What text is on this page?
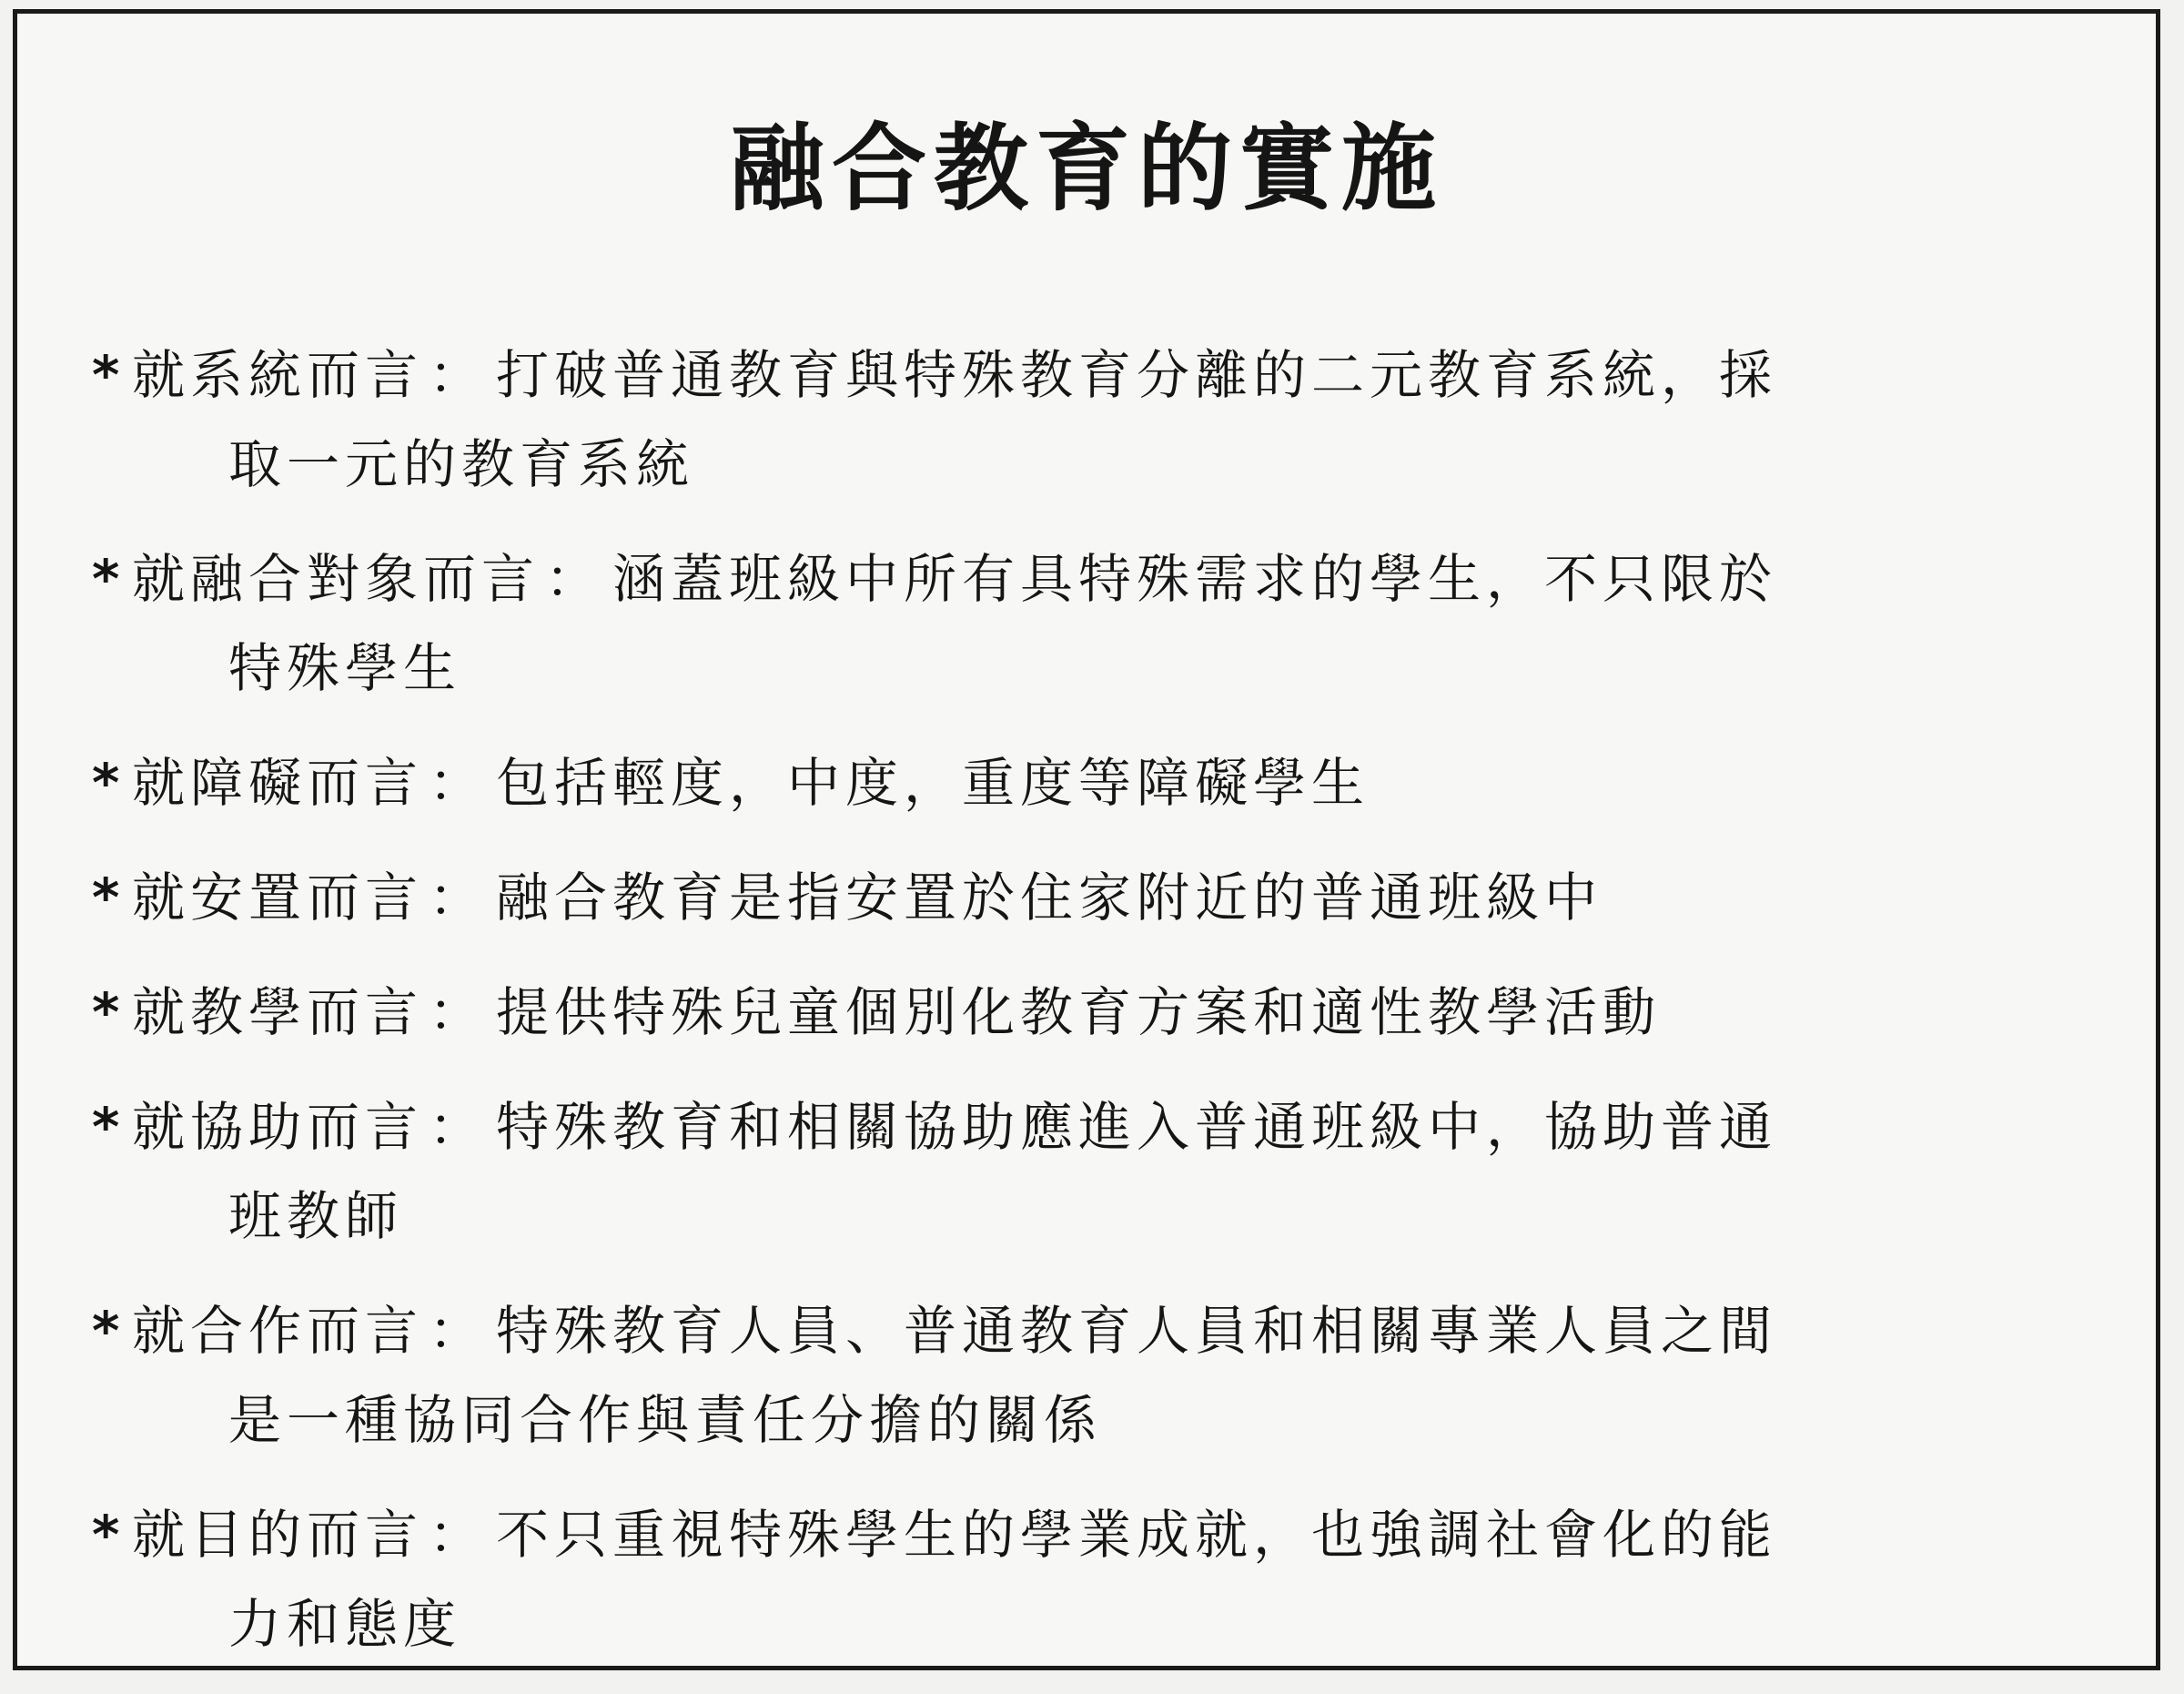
融合教育的實施
* 就系統而言 ： 打破普通教育與特殊教育分離的二元教育系統，採
取一元的教育系統
* 就融合對象而言 ： 涵蓋班級中所有具特殊需求的學生，不只限於
特殊學生
* 就障礙而言 ： 包括輕度，中度，重度等障礙學生
* 就安置而言 ： 融合教育是指安置於住家附近的普通班級中
* 就教學而言 ： 提供特殊兒童個別化教育方案和適性教學活動
* 就協助而言 ： 特殊教育和相關協助應進入普通班級中，協助普通
班教師
* 就合作而言 ： 特殊教育人員、普通教育人員和相關專業人員之間
是一種協同合作與責任分擔的關係
* 就目的而言 ： 不只重視特殊學生的學業成就，也強調社會化的能
力和態度
